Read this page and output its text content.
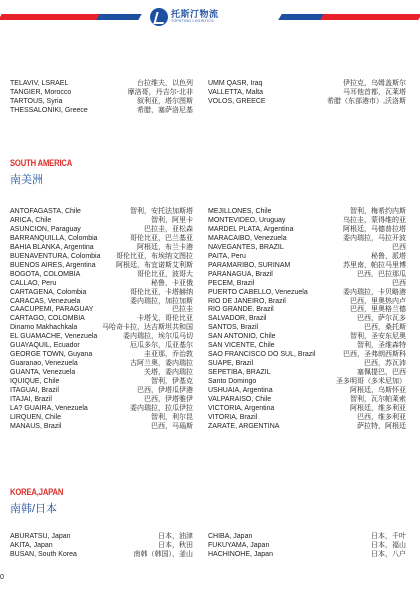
托斯汀物流
TOPSTING LOGISTICS
TELAVIV, LSRAEL	台拉维夫，以色列
TANGIER, Morocco	摩洛哥，丹吉尔-北非
TARTOUS, Syria	叙利亚，塔尔图斯
THESSALONIKI, Greece	希腊，塞萨洛尼基
UMM QASR, Iraq	伊拉克，乌姆盖斯尔
VALLETTA, Malta	马耳他首都，瓦莱塔
VOLOS, GREECE	希腊（东部港市）,沃洛斯
SOUTH AMERICA
南美洲
ANTOFAGASTA, Chile	智利，安托法加斯塔
ARICA, Chile	智利，阿里卡
ASUNCION, Paraguay	巴拉圭，亚松森
BARRANQUILLA, Colombia	哥伦比亚，巴兰基亚
BAHIA BLANKA, Argentina	阿根廷，布兰卡港
BUENAVENTURA, Colombia 哥伦比亚，布埃纳文图拉
BUENOS AIRES, Argentina	阿根廷，布宜诺斯艾利斯
BOGOTA, COLOMBIA	哥伦比亚，波哥大
CALLAO, Peru	秘鲁，卡亚俄
CARTAGENA, Colombia	哥伦比亚，卡塔赫纳
CARACAS, Venezuela	委内瑞拉，加拉加斯
CAACUPEMI, PARAGUAY	巴拉圭
CARTAGO, COLOMBIA	卡塔戈，哥伦比亚
Dinamo Makhachkala	马哈奇卡拉，达吉斯坦共和国
EL GUAMACHE, Venezuela	委内瑞拉，埃尔瓜马切
GUAYAQUIL, Ecuador	厄瓜多尔，瓜亚基尔
GEORGE TOWN, Guyana	圭亚那，乔治敦
Guaranao, Venezuela	古阿兰奥，委内瑞拉
GUANTA, Venezuela	关塔，委内瑞拉
IQUIQUE, Chile	智利，伊基克
ITAGUAI, Brazil	巴西，伊塔瓜伊港
ITAJAI, Brazil	巴西，伊塔雅伊
LA? GUAIRA, Venezuela	委内瑞拉，拉瓜伊拉
LIRQUEN, Chile	智利，利尔昆
MANAUS, Brazil	巴西，马瑙斯
MEJILLONES, Chile	智利，梅希约内斯
MONTEVIDEO, Uruguay	乌拉圭，蒙得维的亚
MARDEL PLATA, Argentina	阿根廷，马德普拉塔
MARACAIBO, Venezuela	委内瑞拉，马拉开波
NAVEGANTES, BRAZIL	巴西
PAITA, Peru	秘鲁，派塔
PARAMARIBO, SURINAM	苏里南，帕拉马里博
PARANAGUA, Brazil	巴西，巴拉那瓜
PECEM, Brazil	巴西
PUERTO CABELLO, Venezuela	委内瑞拉，卡贝略港
RIO DE JANEIRO, Brazil	巴西，里奥热内卢
RIO GRANDE. Brazil	巴西，里奥格兰德
SALVADOR, Brazil	巴西，萨尔瓦多
SANTOS, Brazil	巴西，桑托斯
SAN ANTONIO, Chile	智利，圣安东尼奥
SAN VICENTE, Chile	智利，圣维森特
SAO FRANCISCO DO SUL, Brazil	巴西，圣弗朗西斯科
SUAPE, Brazil	巴西，苏瓦沛
SEPETIBA, BRAZIL	塞佩提巴，巴西
Santo Domingo	圣多明哥（多米尼加）
USHUAIA, Argentina	阿根廷，乌斯怀亚
VALPARAISO, Chile	智利，瓦尔帕莱索
VICTORIA, Argentina	阿根廷，维多利亚
VITORIA, Brazil	巴西，维多利亚
ZARATE, ARGENTINA	萨拉特，阿根廷
KOREA,JAPAN
南韩/日本
ABURATSU, Japan	日本，油津
AKITA, Japan	日本，秋田
BUSAN, South Korea	南韩（韩国），釜山
CHIBA, Japan	日本，千叶
FUKUYAMA, Japan	日本，福山
HACHINOHE, Japan	日本，八户
0
